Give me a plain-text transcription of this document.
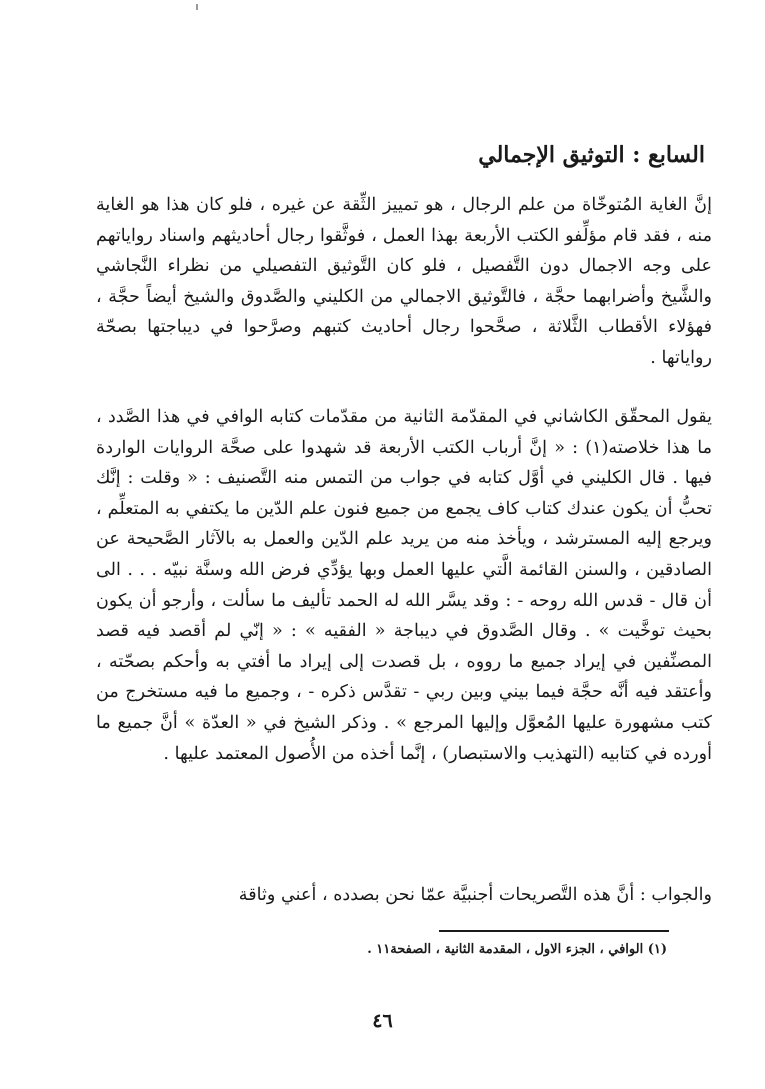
السابع : التوثيق الإجمالي

إنَّ الغاية المُتوخّاة من علم الرجال ، هو تمييز الثِّقة عن غيره ، فلو كان هذا هو الغاية منه ، فقد قام مؤلِّفو الكتب الأربعة بهذا العمل ، فوثَّقوا رجال أحاديثهم واسناد رواياتهم على وجه الاجمال دون التَّفصيل ، فلو كان التَّوثيق التفصيلي من نظراء النَّجاشي والشَّيخ وأضرابهما حجَّة ، فالتَّوثيق الاجمالي من الكليني والصَّدوق والشيخ أيضاً حجَّة ، فهؤلاء الأقطاب الثَّلاثة ، صحَّحوا رجال أحاديث كتبهم وصرَّحوا في ديباجتها بصحّة رواياتها .

يقول المحقّق الكاشاني في المقدّمة الثانية من مقدّمات كتابه الوافي في هذا الصَّدد ، ما هذا خلاصته(١) : « إنَّ أرباب الكتب الأربعة قد شهدوا على صحَّة الروايات الواردة فيها . قال الكليني في أوَّل كتابه في جواب من التمس منه التَّصنيف : « وقلت : إنَّك تحبُّ أن يكون عندك كتاب كاف يجمع من جميع فنون علم الدّين ما يكتفي به المتعلِّم ، ويرجع إليه المسترشد ، ويأخذ منه من يريد علم الدّين والعمل به بالآثار الصَّحيحة عن الصادقين ، والسنن القائمة الَّتي عليها العمل وبها يؤدِّي فرض الله وسنَّة نبيّه . . . الى أن قال - قدس الله روحه - : وقد يسَّر الله له الحمد تأليف ما سألت ، وأرجو أن يكون بحيث توخَّيت » . وقال الصَّدوق في ديباجة « الفقيه » : « إنّي لم أقصد فيه قصد المصنِّفين في إيراد جميع ما رووه ، بل قصدت إلى إيراد ما أفتي به وأحكم بصحّته ، وأعتقد فيه أنَّه حجَّة فيما بيني وبين ربي - تقدَّس ذكره - ، وجميع ما فيه مستخرج من كتب مشهورة عليها المُعوَّل وإليها المرجع » . وذكر الشيخ في « العدّة » أنَّ جميع ما أورده في كتابيه (التهذيب والاستبصار) ، إنَّما أخذه من الأُصول المعتمد عليها .

والجواب : أنَّ هذه التَّصريحات أجنبيَّة عمّا نحن بصدده ، أعني وثاقة

(١) الوافي ، الجزء الاول ، المقدمة الثانية ، الصفحة١١ .
٤٦
